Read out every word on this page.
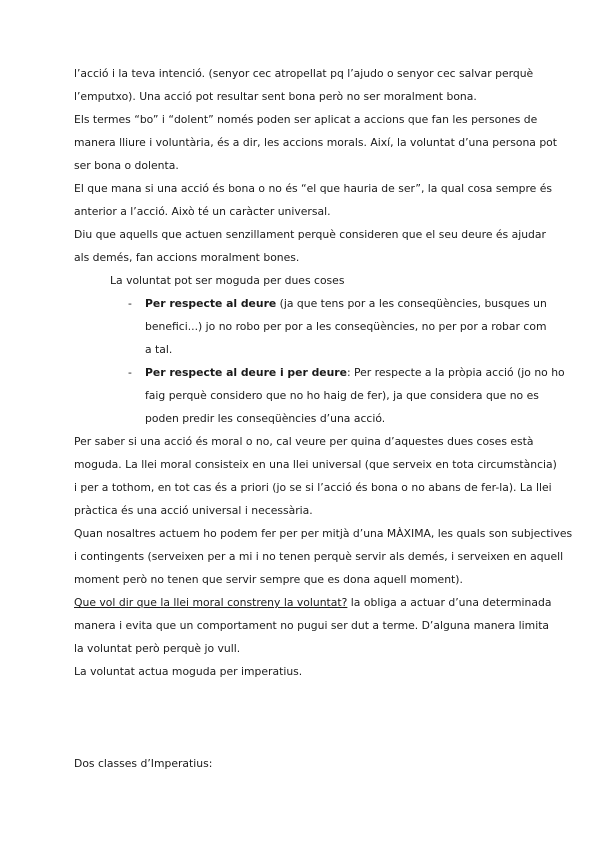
l’acció i la teva intenció. (senyor cec atropellat pq l’ajudo o senyor cec salvar perquè
l’emputxo). Una acció pot resultar sent bona però no ser moralment bona.
Els termes “bo” i “dolent” només poden ser aplicat a accions que fan les persones de
manera lliure i voluntària, és a dir, les accions morals. Així, la voluntat d’una persona pot
ser bona o dolenta.
El que mana si una acció és bona o no és “el que hauria de ser”, la qual cosa sempre és
anterior a l’acció. Això té un caràcter universal.
Diu que aquells que actuen senzillament perquè consideren que el seu deure és ajudar
als demés, fan accions moralment bones.
La voluntat pot ser moguda per dues coses
- Per respecte al deure (ja que tens por a les conseqüències, busques un
benefici...) jo no robo per por a les conseqüències, no per por a robar com
a tal.
- Per respecte al deure i per deure: Per respecte a la pròpia acció (jo no ho
faig perquè considero que no ho haig de fer), ja que considera que no es
poden predir les conseqüències d’una acció.
Per saber si una acció és moral o no, cal veure per quina d’aquestes dues coses està
moguda. La llei moral consisteix en una llei universal (que serveix en tota circumstància)
i per a tothom, en tot cas és a priori (jo se si l’acció és bona o no abans de fer-la). La llei
pràctica és una acció universal i necessària.
Quan nosaltres actuem ho podem fer per per mitjà d’una MÀXIMA, les quals son subjectives
i contingents (serveixen per a mi i no tenen perquè servir als demés, i serveixen en aquell
moment però no tenen que servir sempre que es dona aquell moment).
Que vol dir que la llei moral constreny la voluntat? la obliga a actuar d’una determinada
manera i evita que un comportament no pugui ser dut a terme. D’alguna manera limita
la voluntat però perquè jo vull.
La voluntat actua moguda per imperatius.
Dos classes d’Imperatius:
